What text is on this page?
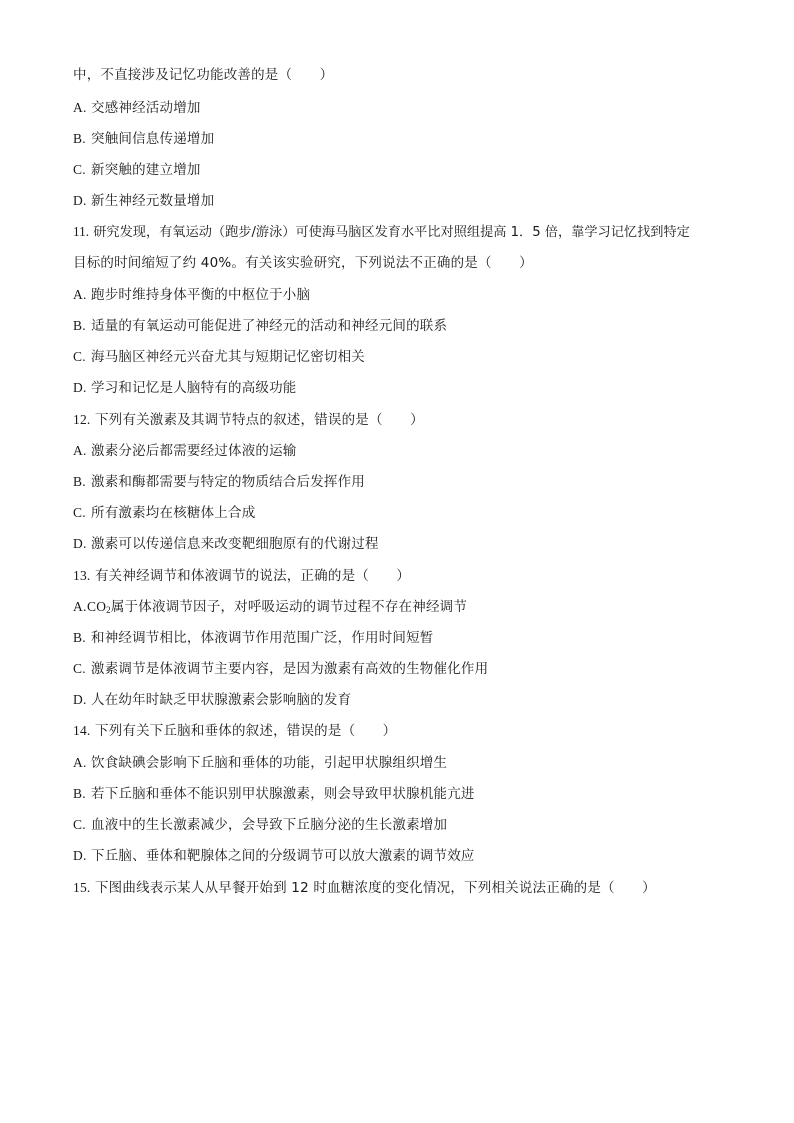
中，不直接涉及记忆功能改善的是（　　）
A. 交感神经活动增加
B. 突触间信息传递增加
C. 新突触的建立增加
D. 新生神经元数量增加
11. 研究发现，有氧运动（跑步/游泳）可使海马脑区发育水平比对照组提高 1．5 倍，靠学习记忆找到特定
目标的时间缩短了约 40%。有关该实验研究，下列说法不正确的是（　　）
A. 跑步时维持身体平衡的中枢位于小脑
B. 适量的有氧运动可能促进了神经元的活动和神经元间的联系
C. 海马脑区神经元兴奋尤其与短期记忆密切相关
D. 学习和记忆是人脑特有的高级功能
12. 下列有关激素及其调节特点的叙述，错误的是（　　）
A. 激素分泌后都需要经过体液的运输
B. 激素和酶都需要与特定的物质结合后发挥作用
C. 所有激素均在核糖体上合成
D. 激素可以传递信息来改变靶细胞原有的代谢过程
13. 有关神经调节和体液调节的说法，正确的是（　　）
$A.CO_2$属于体液调节因子，对呼吸运动的调节过程不存在神经调节
B. 和神经调节相比，体液调节作用范围广泛，作用时间短暂
C. 激素调节是体液调节主要内容，是因为激素有高效的生物催化作用
D. 人在幼年时缺乏甲状腺激素会影响脑的发育
14. 下列有关下丘脑和垂体的叙述，错误的是（　　）
A. 饮食缺碘会影响下丘脑和垂体的功能，引起甲状腺组织增生
B. 若下丘脑和垂体不能识别甲状腺激素，则会导致甲状腺机能亢进
C. 血液中的生长激素减少，会导致下丘脑分泌的生长激素增加
D. 下丘脑、垂体和靶腺体之间的分级调节可以放大激素的调节效应
15. 下图曲线表示某人从早餐开始到 12 时血糖浓度的变化情况，下列相关说法正确的是（　　）
